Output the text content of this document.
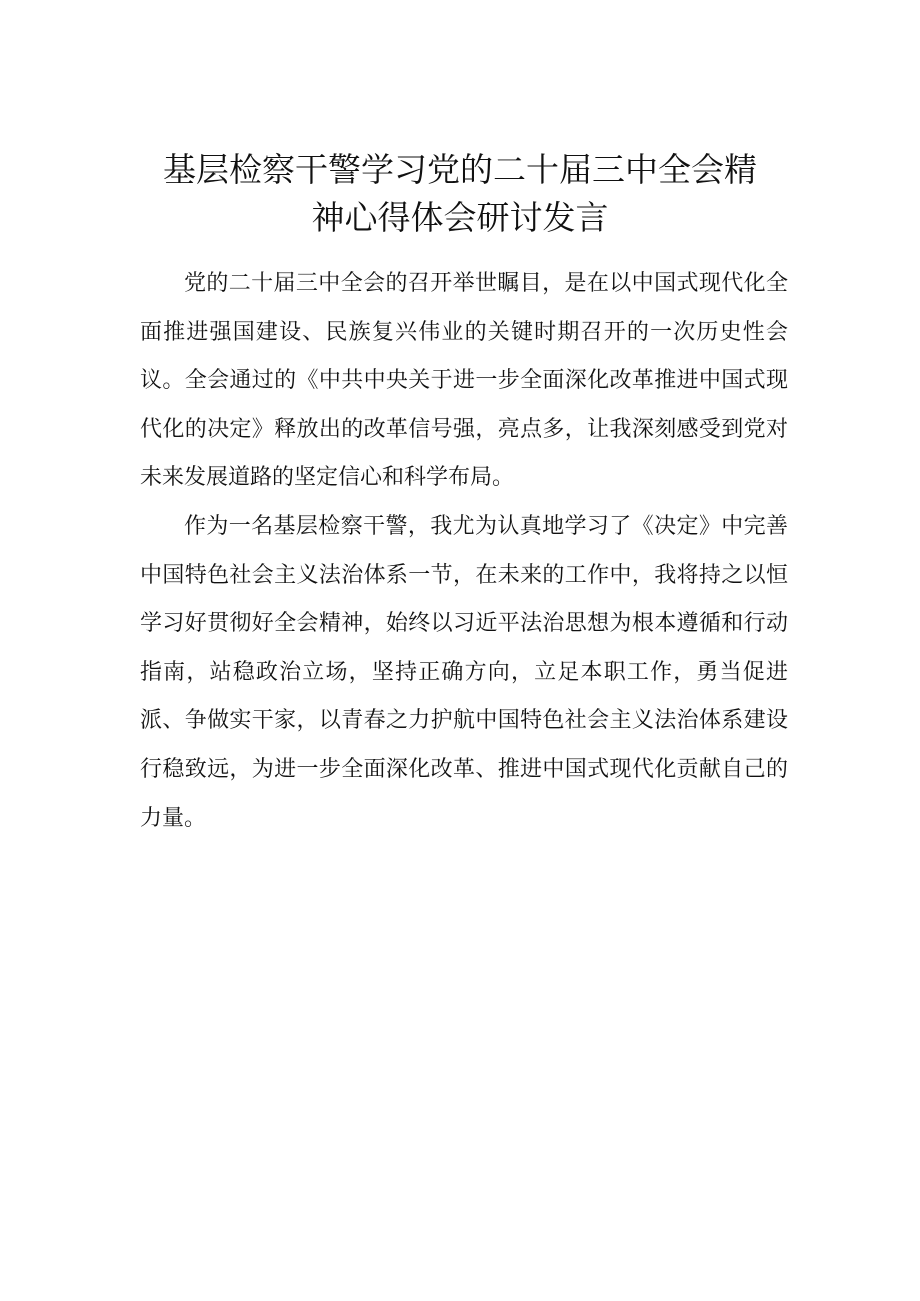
基层检察干警学习党的二十届三中全会精
神心得体会研讨发言

党的二十届三中全会的召开举世瞩目，是在以中国式现代化全面推进强国建设、民族复兴伟业的关键时期召开的一次历史性会议。全会通过的《中共中央关于进一步全面深化改革推进中国式现代化的决定》释放出的改革信号强，亮点多，让我深刻感受到党对未来发展道路的坚定信心和科学布局。

作为一名基层检察干警，我尤为认真地学习了《决定》中完善中国特色社会主义法治体系一节，在未来的工作中，我将持之以恒学习好贯彻好全会精神，始终以习近平法治思想为根本遵循和行动指南，站稳政治立场，坚持正确方向，立足本职工作，勇当促进派、争做实干家，以青春之力护航中国特色社会主义法治体系建设行稳致远，为进一步全面深化改革、推进中国式现代化贡献自己的力量。
